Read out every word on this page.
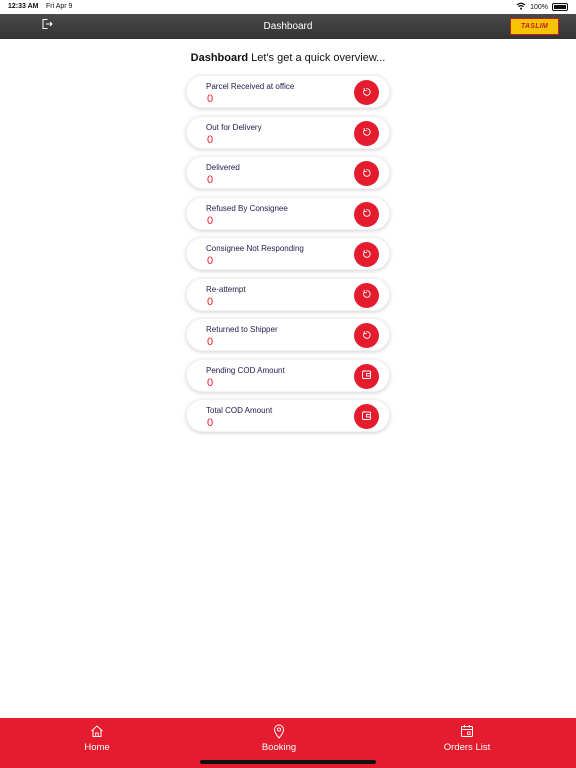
12:33 AM Fri Apr 9	100%
Dashboard	TASLIM
Dashboard Let's get a quick overview...
Parcel Received at office
0
Out for Delivery
0
Delivered
0
Refused By Consignee
0
Consignee Not Responding
0
Re-attempt
0
Returned to Shipper
0
Pending COD Amount
0
Total COD Amount
0
Home	Booking	Orders List
